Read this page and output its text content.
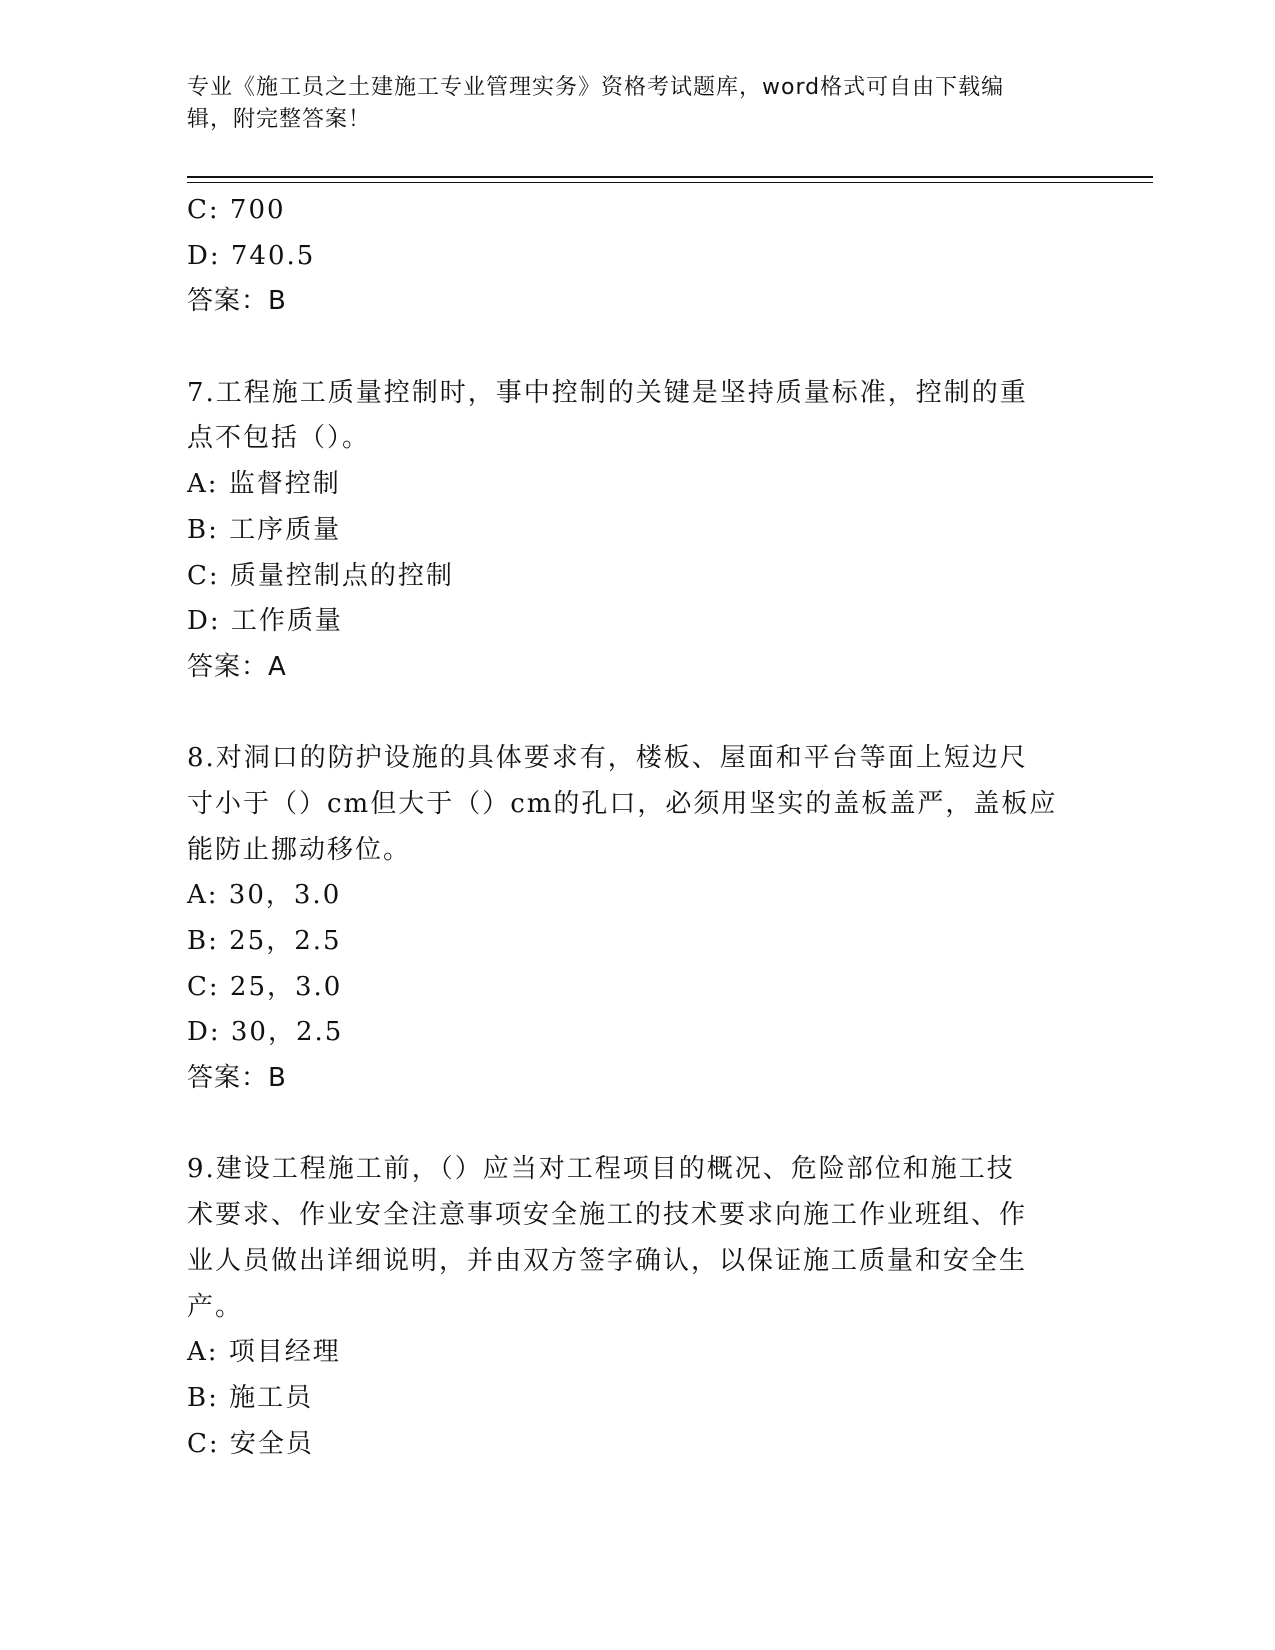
专业《施工员之土建施工专业管理实务》资格考试题库，word格式可自由下载编
辑，附完整答案！
C: 700
D: 740.5
答案：B
7.工程施工质量控制时，事中控制的关键是坚持质量标准，控制的重
点不包括（）。
A: 监督控制
B: 工序质量
C: 质量控制点的控制
D: 工作质量
答案：A
8.对洞口的防护设施的具体要求有，楼板、屋面和平台等面上短边尺
寸小于（）cm但大于（）cm的孔口，必须用坚实的盖板盖严，盖板应
能防止挪动移位。
A: 30，3.0
B: 25，2.5
C: 25，3.0
D: 30，2.5
答案：B
9.建设工程施工前，（）应当对工程项目的概况、危险部位和施工技
术要求、作业安全注意事项安全施工的技术要求向施工作业班组、作
业人员做出详细说明，并由双方签字确认，以保证施工质量和安全生
产。
A: 项目经理
B: 施工员
C: 安全员
